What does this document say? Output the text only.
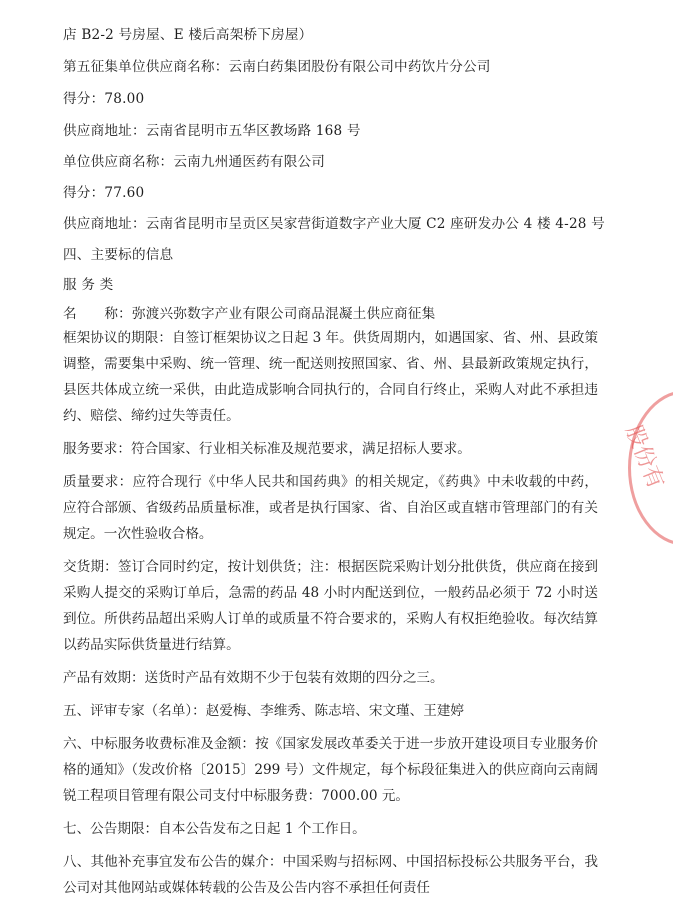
店 B2-2 号房屋、E 楼后高架桥下房屋）
第五征集单位供应商名称：云南白药集团股份有限公司中药饮片分公司
得分：78.00
供应商地址：云南省昆明市五华区教场路 168 号
单位供应商名称：云南九州通医药有限公司
得分：77.60
供应商地址：云南省昆明市呈贡区吴家营街道数字产业大厦 C2 座研发办公 4 楼 4-28 号
四、主要标的信息
服 务 类
名　　称：弥渡兴弥数字产业有限公司商品混凝土供应商征集

框架协议的期限：自签订框架协议之日起 3 年。供货周期内，如遇国家、省、州、县政策调整，需要集中采购、统一管理、统一配送则按照国家、省、州、县最新政策规定执行，县医共体成立统一采供，由此造成影响合同执行的，合同自行终止，采购人对此不承担违约、赔偿、缔约过失等责任。

服务要求：符合国家、行业相关标准及规范要求，满足招标人要求。

质量要求：应符合现行《中华人民共和国药典》的相关规定，《药典》中未收载的中药，应符合部颁、省级药品质量标准，或者是执行国家、省、自治区或直辖市管理部门的有关规定。一次性验收合格。

交货期：签订合同时约定，按计划供货；注：根据医院采购计划分批供货，供应商在接到采购人提交的采购订单后，急需的药品 48 小时内配送到位，一般药品必须于 72 小时送到位。所供药品超出采购人订单的或质量不符合要求的，采购人有权拒绝验收。每次结算以药品实际供货量进行结算。

产品有效期：送货时产品有效期不少于包装有效期的四分之三。

五、评审专家（名单）：赵爱梅、李维秀、陈志培、宋文瑾、王建婷

六、中标服务收费标准及金额：按《国家发展改革委关于进一步放开建设项目专业服务价格的通知》（发改价格〔2015〕299 号）文件规定，每个标段征集进入的供应商向云南阔锐工程项目管理有限公司支付中标服务费：7000.00 元。

七、公告期限：自本公告发布之日起 1 个工作日。

八、其他补充事宜发布公告的媒介：中国采购与招标网、中国招标投标公共服务平台，我公司对其他网站或媒体转载的公告及公告内容不承担任何责任

股份有
